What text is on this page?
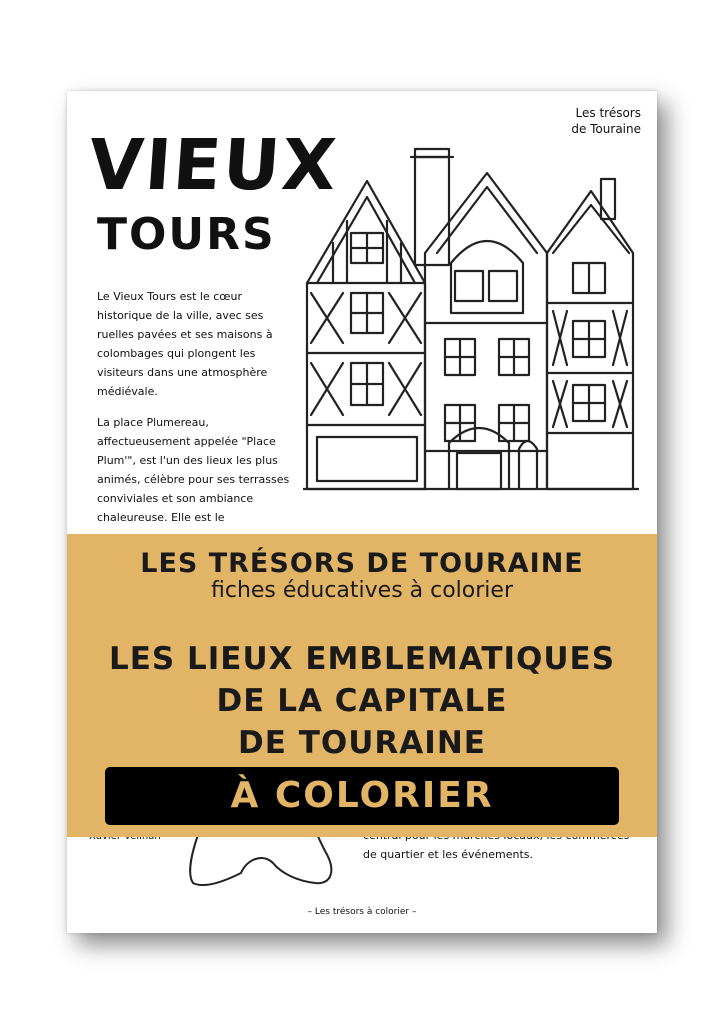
Les trésors
de Touraine
VIEUX
TOURS

Le Vieux Tours est le cœur historique de la ville, avec ses ruelles pavées et ses maisons à colombages qui plongent les visiteurs dans une atmosphère médiévale.

La place Plumereau, affectueusement appelée "Place Plum'", est l'un des lieux les plus animés, célèbre pour ses terrasses conviviales et son ambiance chaleureuse. Elle est le

de quartier et les événements.

– Les trésors à colorier –

LES TRÉSORS DE TOURAINE

fiches éducatives à colorier

LES LIEUX EMBLEMATIQUES
DE LA CAPITALE
DE TOURAINE
À COLORIER
